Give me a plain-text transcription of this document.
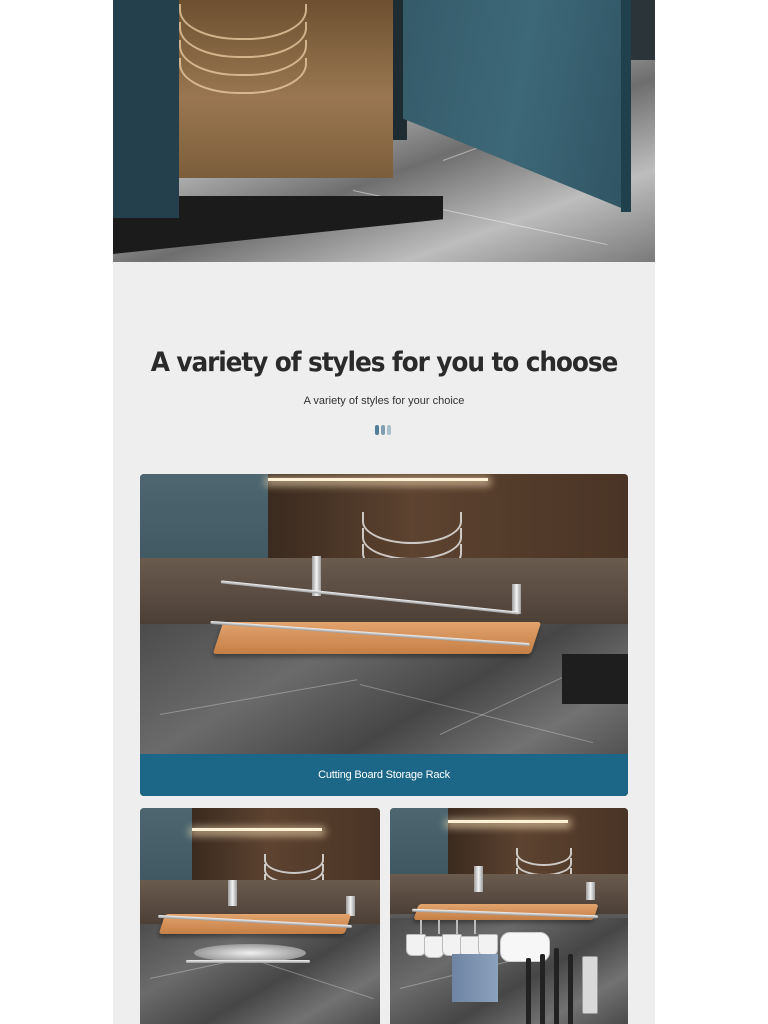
A variety of styles for you to choose
A variety of styles for your choice
Cutting Board Storage Rack
